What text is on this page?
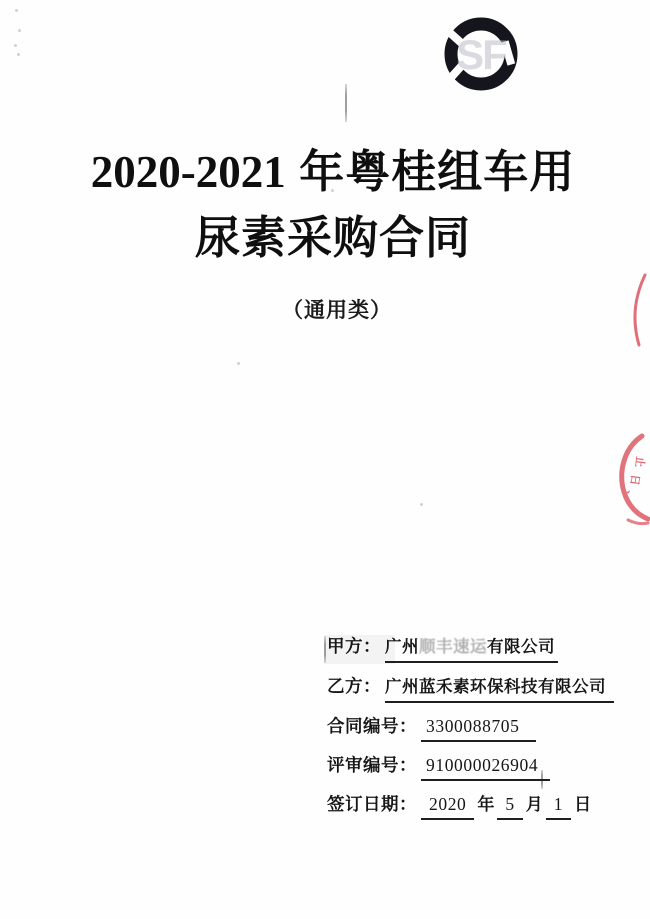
SF
2020-2021 年粤桂组车用
尿素采购合同
（通用类）
止
日
、
甲方： 广州顺丰速运有限公司
乙方： 广州蓝禾素环保科技有限公司
合同编号： 3300088705
评审编号： 910000026904
签订日期： 2020 年 5 月 1 日
